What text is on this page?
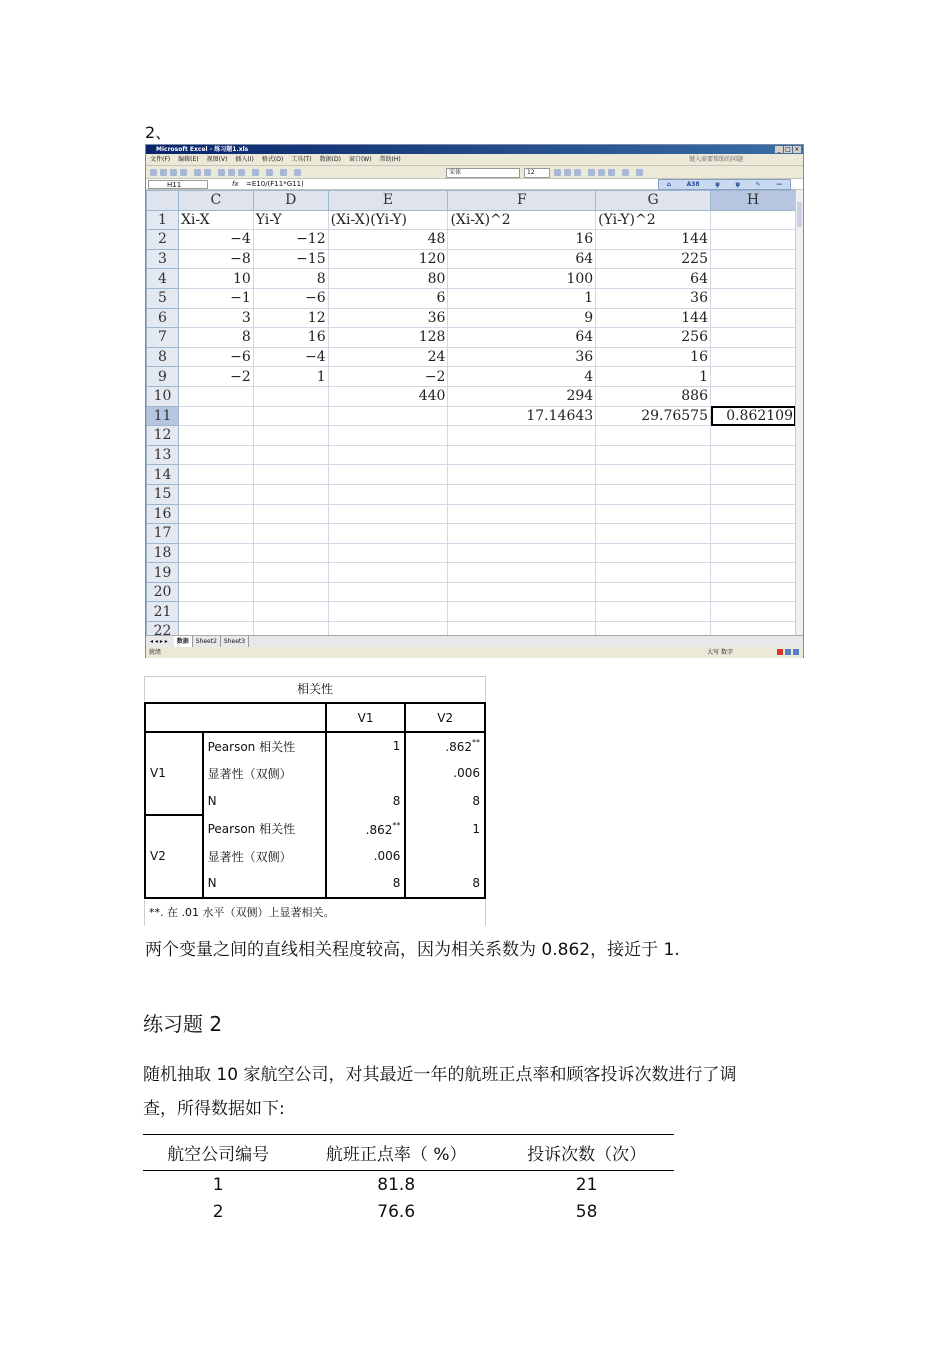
2、
Microsoft Excel - 练习题1.xls	_ □ ×
文件(F) 编辑(E) 视图(V) 插入(I) 格式(O) 工具(T) 数据(D) 窗口(W) 帮助(H)	键入需要帮助的问题
宋体	12
H11	fx =E10/(F11*G11)	⌂	A38	ψ	ψ	✎	—
	C	D	E	F	G	H
1	Xi-X	Yi-Y	(Xi-X)(Yi-Y)	(Xi-X)^2	(Yi-Y)^2	
2	−4	−12	48	16	144	
3	−8	−15	120	64	225	
4	10	8	80	100	64	
5	−1	−6	6	1	36	
6	3	12	36	9	144	
7	8	16	128	64	256	
8	−6	−4	24	36	16	
9	−2	1	−2	4	1	
10			440	294	886	
11				17.14643	29.76575	0.862109
12						
13						
14						
15						
16						
17						
18						
19						
20						
21						
22						
◂ ◂ ▸ ▸ 数据 Sheet2 Sheet3
就绪	大写 数字
相关性
		V1	V2
V1	Pearson 相关性	1	.862**
	显著性（双侧）		.006
	N	8	8
V2	Pearson 相关性	.862**	1
	显著性（双侧）	.006	
	N	8	8
**. 在 .01 水平（双侧）上显著相关。
两个变量之间的直线相关程度较高，因为相关系数为 0.862，接近于 1.
练习题 2
随机抽取 10 家航空公司，对其最近一年的航班正点率和顾客投诉次数进行了调
查，所得数据如下:
航空公司编号	航班正点率（ %）	投诉次数（次）
1	81.8	21
2	76.6	58
